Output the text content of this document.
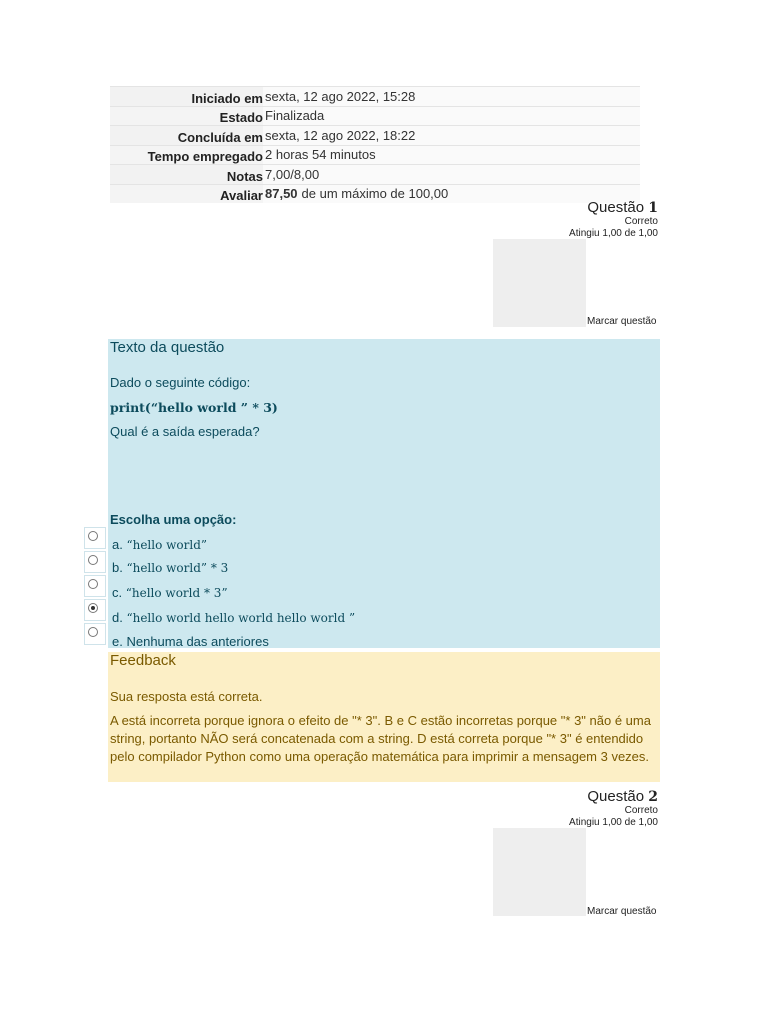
Iniciado em sexta, 12 ago 2022, 15:28
Estado Finalizada
Concluída em sexta, 12 ago 2022, 18:22
Tempo empregado 2 horas 54 minutos
Notas 7,00/8,00
Avaliar 87,50 de um máximo de 100,00
Questão 1
Correto
Atingiu 1,00 de 1,00
Marcar questão
Texto da questão
Dado o seguinte código:
print(“hello world ” * 3)
Qual é a saída esperada?
Escolha uma opção:
a. “hello world”
b. “hello world” * 3
c. “hello world * 3”
d. “hello world hello world hello world ”
e. Nenhuma das anteriores
Feedback
Sua resposta está correta.
A está incorreta porque ignora o efeito de "* 3". B e C estão incorretas porque "* 3" não é uma string, portanto NÃO será concatenada com a string. D está correta porque "* 3" é entendido pelo compilador Python como uma operação matemática para imprimir a mensagem 3 vezes.
Questão 2
Correto
Atingiu 1,00 de 1,00
Marcar questão
